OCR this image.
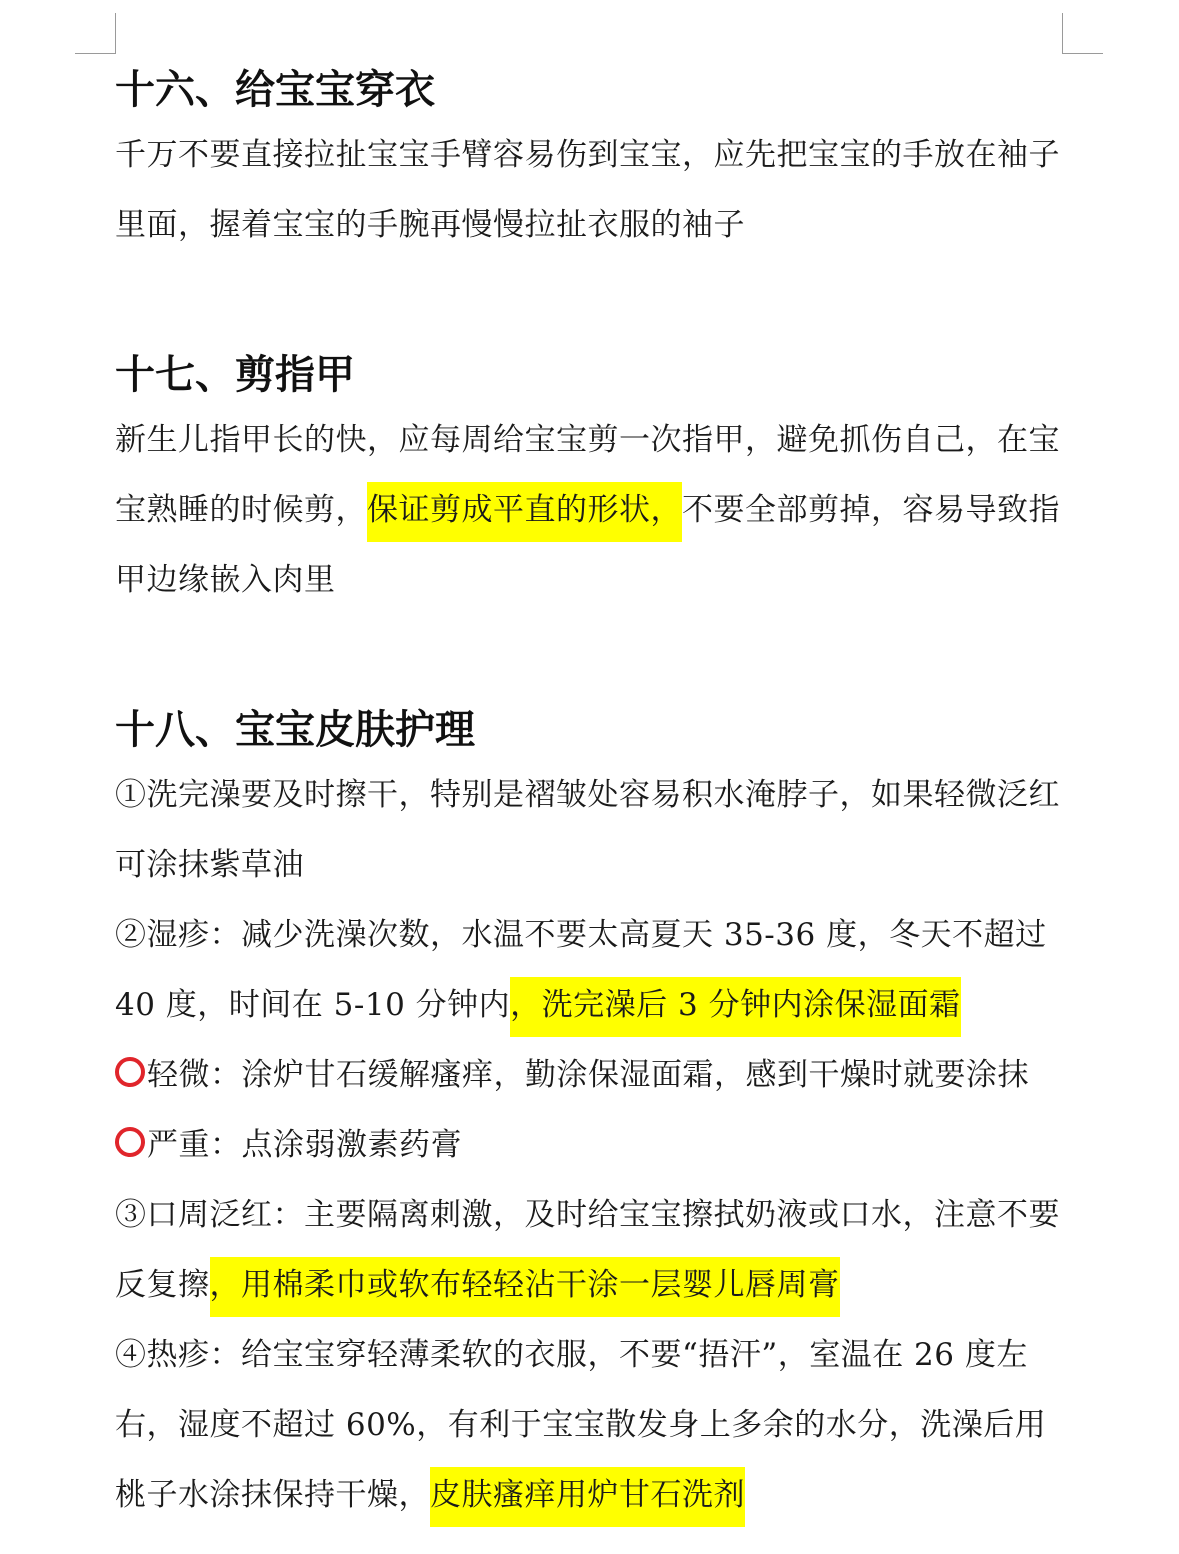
十六、给宝宝穿衣

千万不要直接拉扯宝宝手臂容易伤到宝宝，应先把宝宝的手放在袖子里面，握着宝宝的手腕再慢慢拉扯衣服的袖子

十七、剪指甲

新生儿指甲长的快，应每周给宝宝剪一次指甲，避免抓伤自己，在宝宝熟睡的时候剪，保证剪成平直的形状，不要全部剪掉，容易导致指甲边缘嵌入肉里

十八、宝宝皮肤护理

①洗完澡要及时擦干，特别是褶皱处容易积水淹脖子，如果轻微泛红可涂抹紫草油

②湿疹：减少洗澡次数，水温不要太高夏天 35-36 度，冬天不超过 40 度，时间在 5-10 分钟内，洗完澡后 3 分钟内涂保湿面霜

轻微：涂炉甘石缓解瘙痒，勤涂保湿面霜，感到干燥时就要涂抹

严重：点涂弱激素药膏

③口周泛红：主要隔离刺激，及时给宝宝擦拭奶液或口水，注意不要反复擦，用棉柔巾或软布轻轻沾干涂一层婴儿唇周膏

④热疹：给宝宝穿轻薄柔软的衣服，不要“捂汗”，室温在 26 度左右，湿度不超过 60%，有利于宝宝散发身上多余的水分，洗澡后用桃子水涂抹保持干燥，皮肤瘙痒用炉甘石洗剂
